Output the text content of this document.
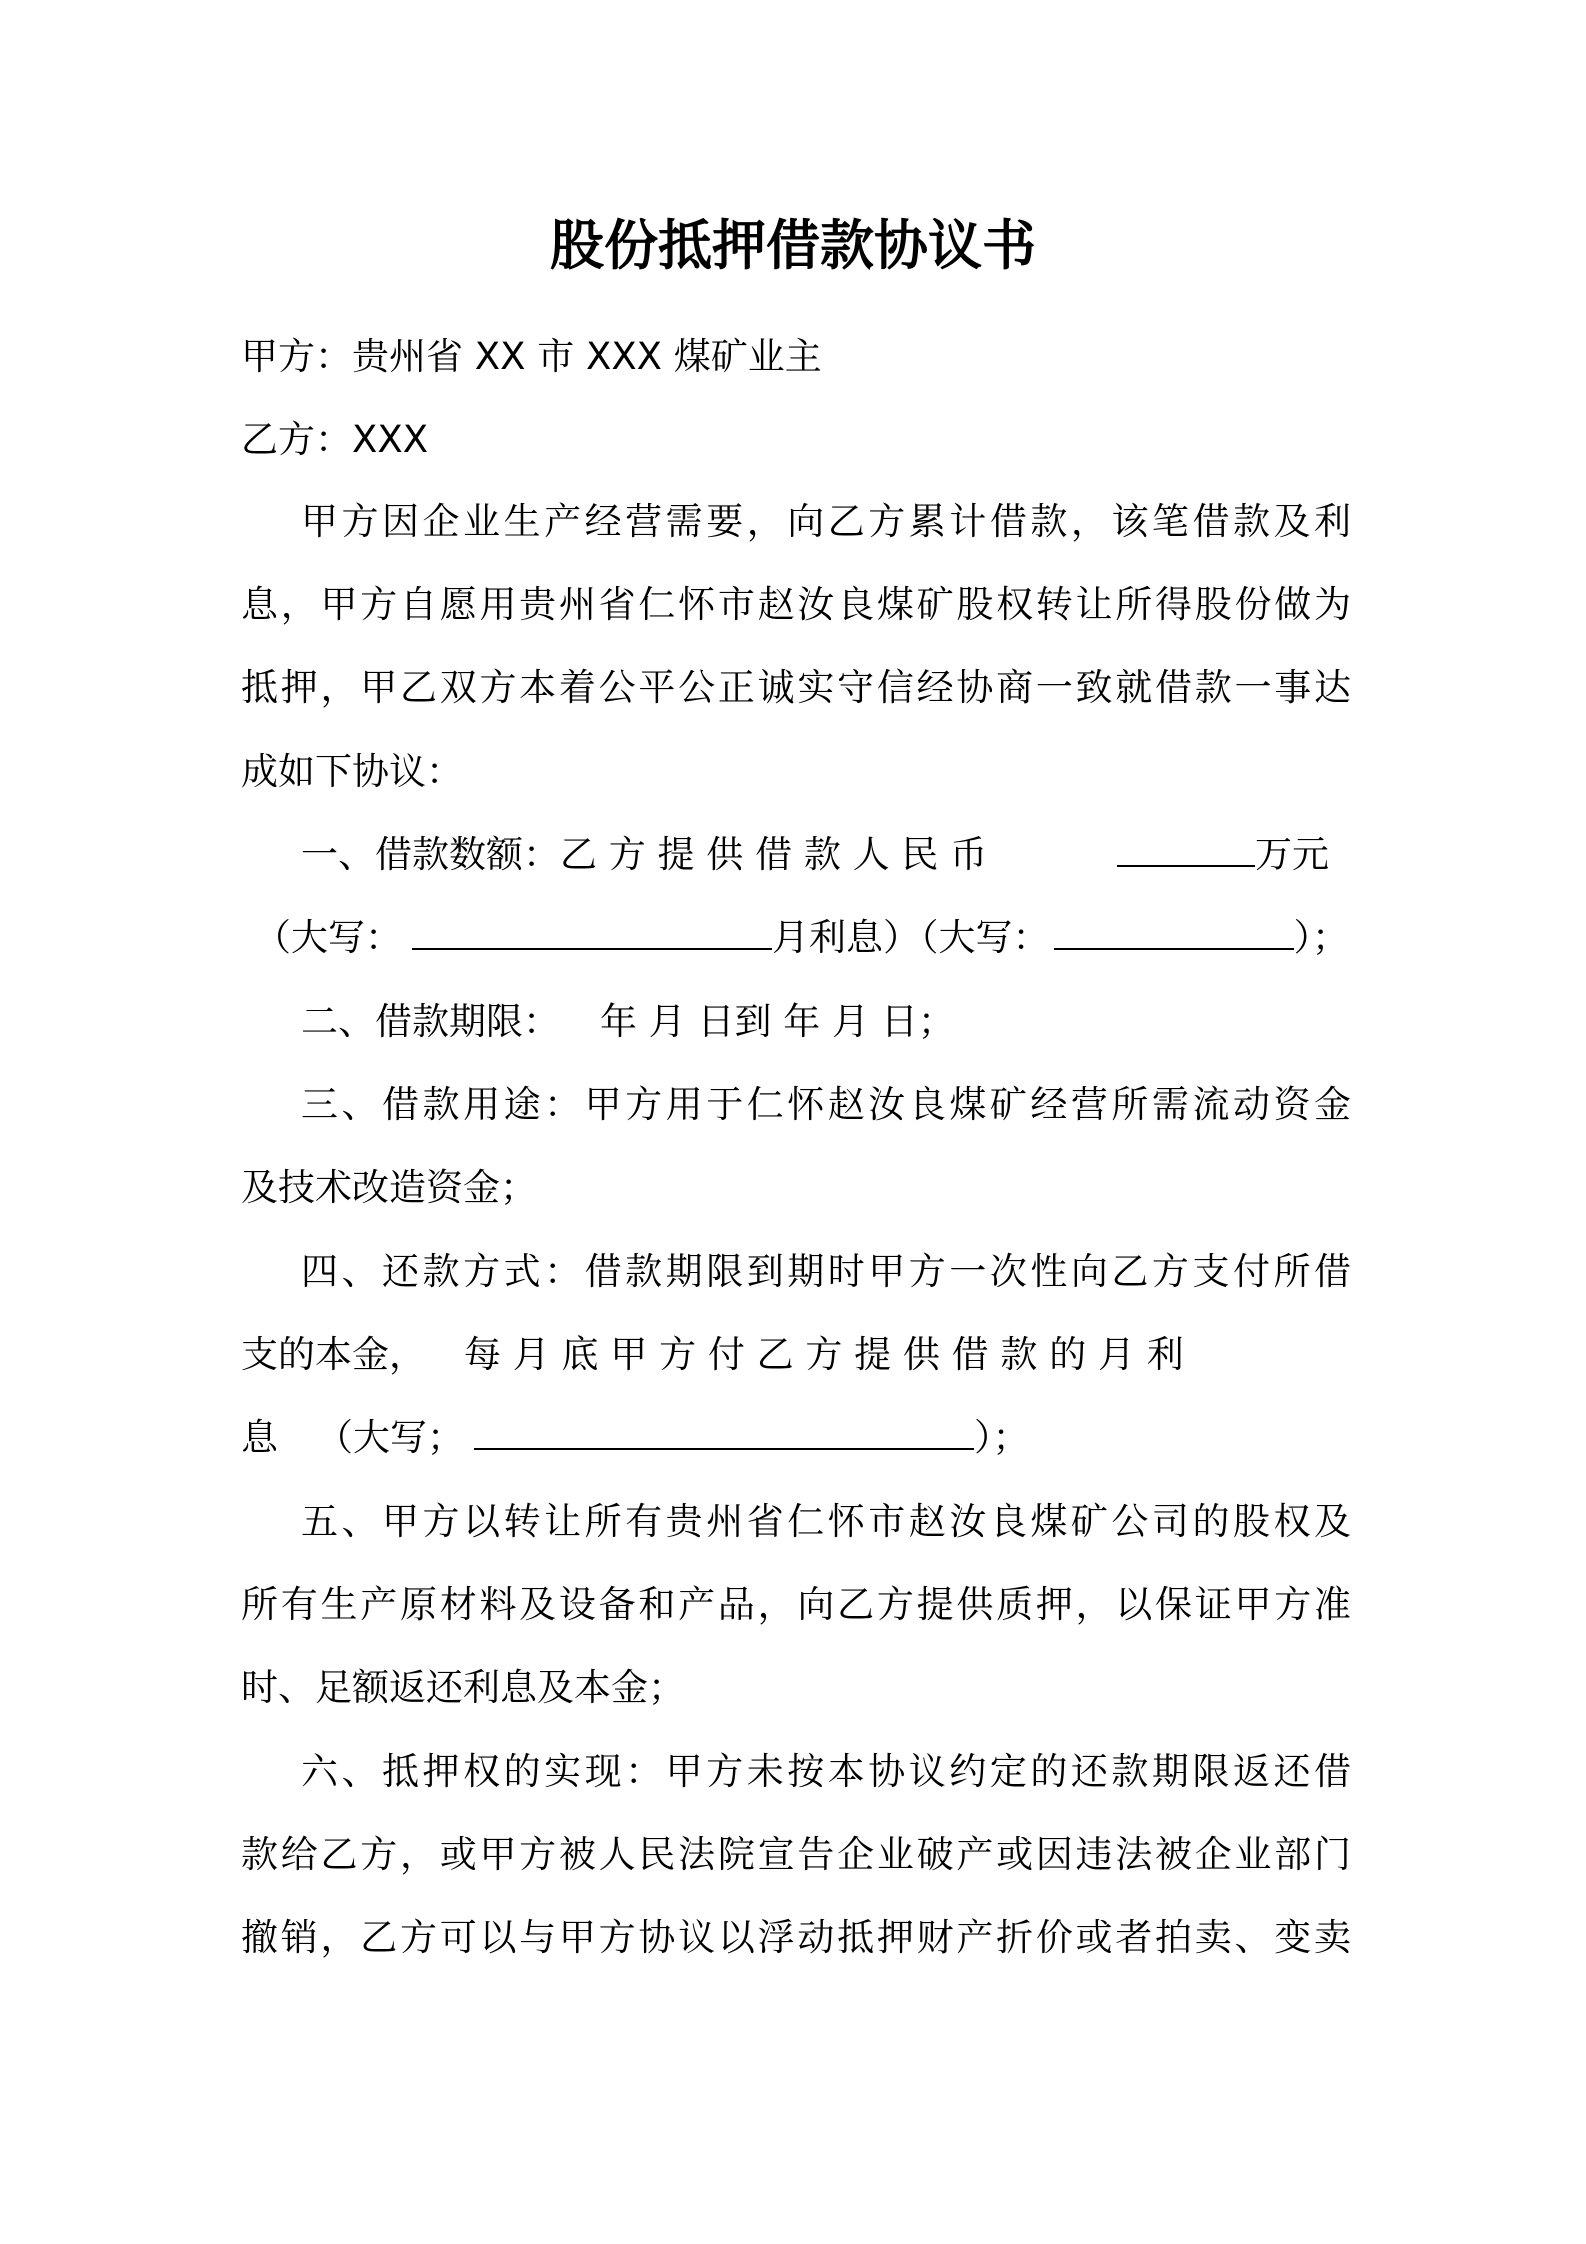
股份抵押借款协议书
甲方：贵州省 XX 市 XXX 煤矿业主
乙方：XXX
甲方因企业生产经营需要，向乙方累计借款，该笔借款及利
息，甲方自愿用贵州省仁怀市赵汝良煤矿股权转让所得股份做为
抵押，甲乙双方本着公平公正诚实守信经协商一致就借款一事达
成如下协议：
一、借款数额：乙 方 提 供 借 款 人 民 币	万元
（大写：	月利息）（大写：	）；
二、借款期限： 年 月 日到 年 月 日；
三、借款用途：甲方用于仁怀赵汝良煤矿经营所需流动资金
及技术改造资金；
四、还款方式：借款期限到期时甲方一次性向乙方支付所借
支的本金， 每 月 底 甲 方 付 乙 方 提 供 借 款 的 月 利
息 （大写；	）；
五、甲方以转让所有贵州省仁怀市赵汝良煤矿公司的股权及
所有生产原材料及设备和产品，向乙方提供质押，以保证甲方准
时、足额返还利息及本金；
六、抵押权的实现：甲方未按本协议约定的还款期限返还借
款给乙方，或甲方被人民法院宣告企业破产或因违法被企业部门
撤销，乙方可以与甲方协议以浮动抵押财产折价或者拍卖、变卖
